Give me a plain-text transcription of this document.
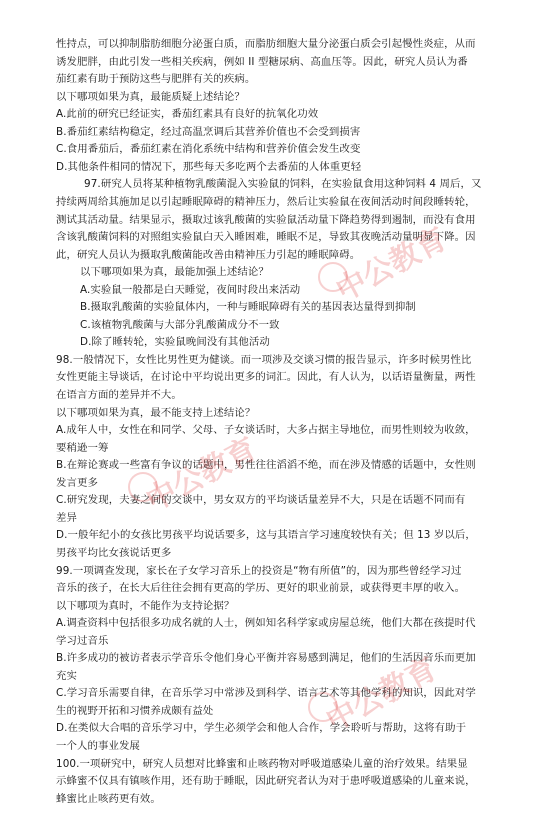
性持点，可以抑制脂肪细胞分泌蛋白质，而脂肪细胞大量分泌蛋白质会引起慢性炎症，从而
诱发肥胖，由此引发一些相关疾病，例如 II 型糖尿病、高血压等。因此，研究人员认为番
茄红素有助于预防这些与肥胖有关的疾病。
以下哪项如果为真，最能质疑上述结论？
A.此前的研究已经证实，番茄红素具有良好的抗氧化功效
B.番茄红素结构稳定，经过高温烹调后其营养价值也不会受到损害
C.食用番茄后，番茄红素在消化系统中结构和营养价值会发生改变
D.其他条件相同的情况下，那些每天多吃两个去番茄的人体重更轻
97.研究人员将某种植物乳酸菌混入实验鼠的饲料，在实验鼠食用这种饲料 4 周后，又
持续两周给其施加足以引起睡眠障碍的精神压力，然后让实验鼠在夜间活动时间段睡转轮，
测试其活动量。结果显示，摄取过该乳酸菌的实验鼠活动量下降趋势得到遏制，而没有食用
含该乳酸菌饲料的对照组实验鼠白天入睡困难，睡眠不足，导致其夜晚活动量明显下降。因
此，研究人员认为摄取乳酸菌能改善由精神压力引起的睡眠障碍。
以下哪项如果为真，最能加强上述结论？
A.实验鼠一般都是白天睡觉，夜间时段出来活动
B.摄取乳酸菌的实验鼠体内，一种与睡眠障碍有关的基因表达量得到抑制
C.该植物乳酸菌与大部分乳酸菌成分不一致
D.除了睡转轮，实验鼠晚间没有其他活动
98.一般情况下，女性比男性更为健谈。而一项涉及交谈习惯的报告显示，许多时候男性比
女性更能主导谈话，在讨论中平均说出更多的词汇。因此，有人认为，以话语量衡量，两性
在语言方面的差异并不大。
以下哪项如果为真，最不能支持上述结论？
A.成年人中，女性在和同学、父母、子女谈话时，大多占据主导地位，而男性则较为收敛，
要稍逊一筹
B.在辩论赛或一些富有争议的话题中，男性往往滔滔不绝，而在涉及情感的话题中，女性则
发言更多
C.研究发现，夫妻之间的交谈中，男女双方的平均谈话量差异不大，只是在话题不同而有
差异
D.一般年纪小的女孩比男孩平均说话要多，这与其语言学习速度较快有关；但 13 岁以后，
男孩平均比女孩说话更多
99.一项调查发现，家长在子女学习音乐上的投资是“物有所值”的，因为那些曾经学习过
音乐的孩子，在长大后往往会拥有更高的学历、更好的职业前景，或获得更丰厚的收入。
以下哪项为真时，不能作为支持论据？
A.调查资料中包括很多功成名就的人士，例如知名科学家或房屋总统，他们大都在孩提时代
学习过音乐
B.许多成功的被访者表示学音乐令他们身心平衡并容易感到满足，他们的生活因音乐而更加
充实
C.学习音乐需要自律，在音乐学习中常涉及到科学、语言艺术等其他学科的知识，因此对学
生的视野开拓和习惯养成颇有益处
D.在类似大合唱的音乐学习中，学生必须学会和他人合作，学会聆听与帮助，这将有助于
一个人的事业发展
100.一项研究中，研究人员想对比蜂蜜和止咳药物对呼吸道感染儿童的治疗效果。结果显
示蜂蜜不仅具有镇咳作用，还有助于睡眠，因此研究者认为对于患呼吸道感染的儿童来说，
蜂蜜比止咳药更有效。
中公教育
中公教育
中公教育
